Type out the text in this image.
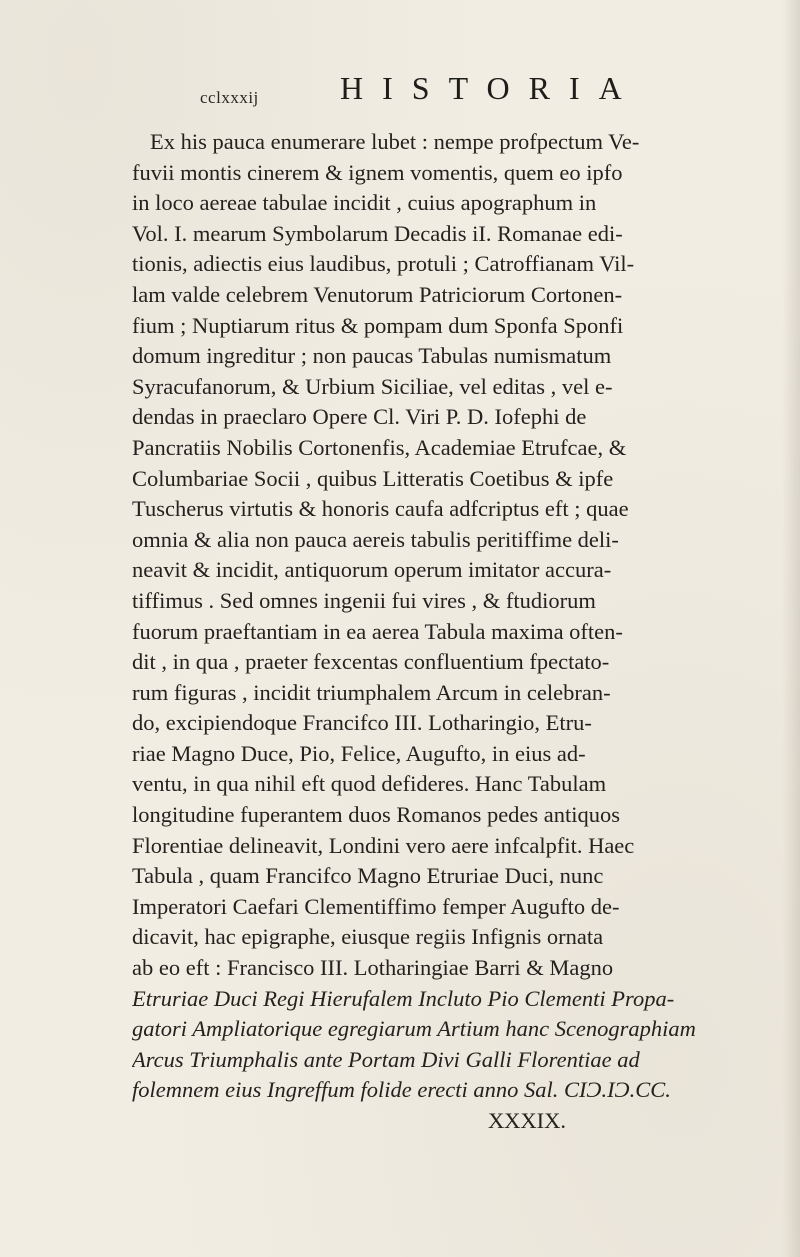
cclxxxij	HISTORIA
Ex his pauca enumerare lubet : nempe profpectum Ve-
fuvii montis cinerem & ignem vomentis, quem eo ipfo
in loco aereae tabulae incidit , cuius apographum in
Vol. I. mearum Symbolarum Decadis iI. Romanae edi-
tionis, adiectis eius laudibus, protuli ; Catroffianam Vil-
lam valde celebrem Venutorum Patriciorum Cortonen-
fium ; Nuptiarum ritus & pompam dum Sponfa Sponfi
domum ingreditur ; non paucas Tabulas numismatum
Syracufanorum, & Urbium Siciliae, vel editas , vel e-
dendas in praeclaro Opere Cl. Viri P. D. Iofephi de
Pancratiis Nobilis Cortonenfis, Academiae Etrufcae, &
Columbariae Socii , quibus Litteratis Coetibus & ipfe
Tuscherus virtutis & honoris caufa adfcriptus eft ; quae
omnia & alia non pauca aereis tabulis peritiffime deli-
neavit & incidit, antiquorum operum imitator accura-
tiffimus . Sed omnes ingenii fui vires , & ftudiorum
fuorum praeftantiam in ea aerea Tabula maxima often-
dit , in qua , praeter fexcentas confluentium fpectato-
rum figuras , incidit triumphalem Arcum in celebran-
do, excipiendoque Francifco III. Lotharingio, Etru-
riae Magno Duce, Pio, Felice, Augufto, in eius ad-
ventu, in qua nihil eft quod defideres. Hanc Tabulam
longitudine fuperantem duos Romanos pedes antiquos
Florentiae delineavit, Londini vero aere infcalpfit. Haec
Tabula , quam Francifco Magno Etruriae Duci, nunc
Imperatori Caefari Clementiffimo femper Augufto de-
dicavit, hac epigraphe, eiusque regiis Infignis ornata
ab eo eft : Francisco III. Lotharingiae Barri & Magno
Etruriae Duci Regi Hierufalem Incluto Pio Clementi Propa-
gatori Ampliatorique egregiarum Artium hanc Scenographiam
Arcus Triumphalis ante Portam Divi Galli Florentiae ad
folemnem eius Ingreffum folide erecti anno Sal. CIϽ.IϽ.CC.
XXXIX.
